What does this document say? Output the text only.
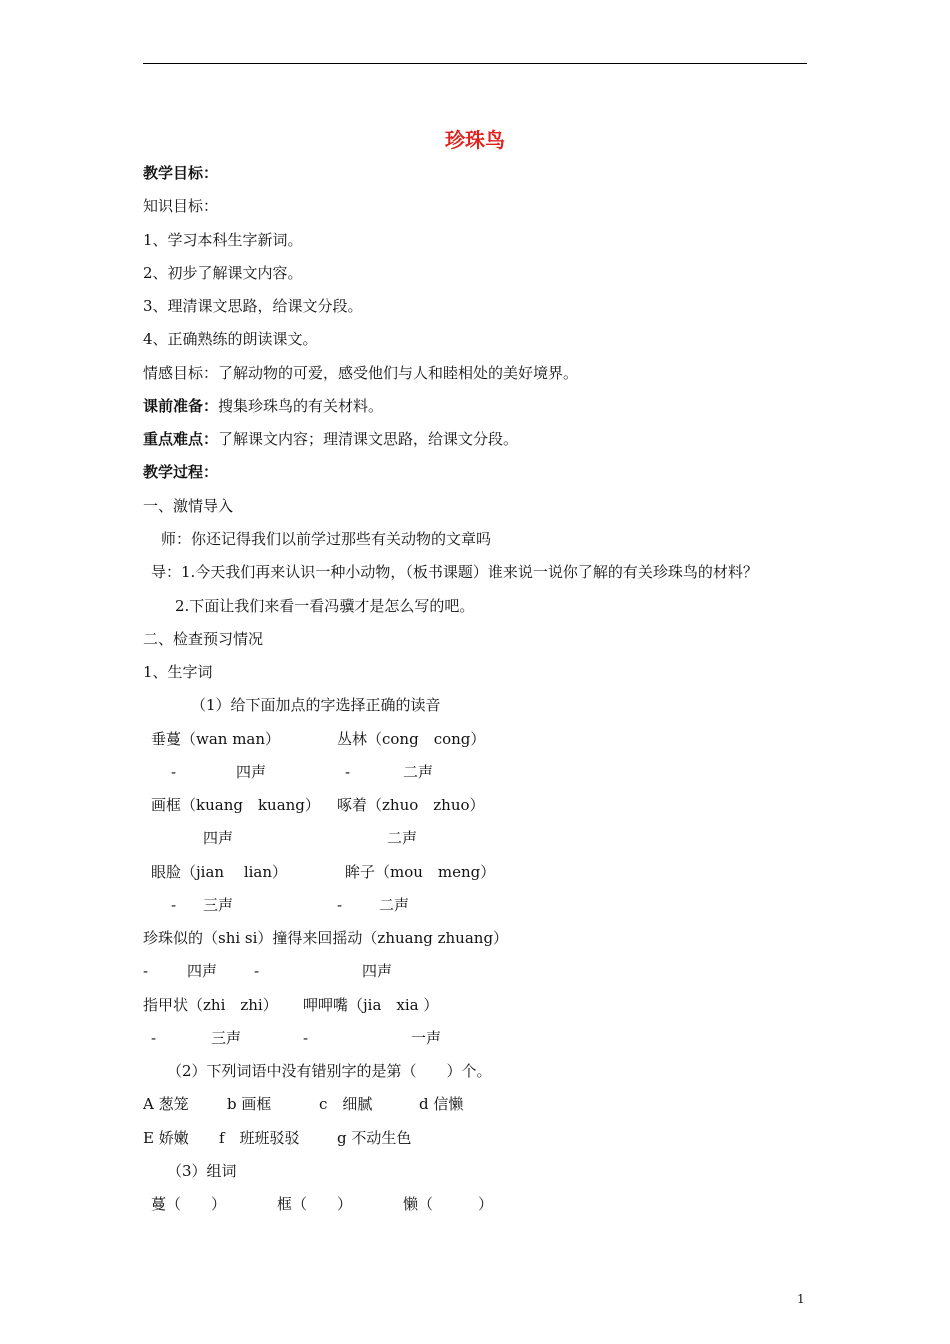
珍珠鸟
教学目标：
知识目标：
1、学习本科生字新词。
2、初步了解课文内容。
3、理清课文思路，给课文分段。
4、正确熟练的朗读课文。
情感目标：了解动物的可爱，感受他们与人和睦相处的美好境界。
课前准备：搜集珍珠鸟的有关材料。
重点难点：了解课文内容；理清课文思路，给课文分段。
教学过程：
一、激情导入
师：你还记得我们以前学过那些有关动物的文章吗
导：1.今天我们再来认识一种小动物，（板书课题）谁来说一说你了解的有关珍珠鸟的材料？
2.下面让我们来看一看冯骥才是怎么写的吧。
二、检查预习情况
1、生字词
（1）给下面加点的字选择正确的读音
垂蔓（wan man）	丛林（cong　cong）
-	四声	-	二声
画框（kuang　kuang） 啄着（zhuo　zhuo）
四声	二声
眼脸（jian　 lian）	眸子（mou　meng）
- 三声	- 二声
珍珠似的（shi si）撞得来回摇动（zhuang zhuang）
-	四声 -	四声
指甲状（zhi　zhi） 呷呷嘴（jia　xia ）
-	三声	-	一声
（2）下列词语中没有错别字的是第（　　）个。
A 葱笼	b 画框	c　细腻	d 信懒
E 娇嫩 f　班班驳驳 g 不动生色
（3）组词
蔓（　　）	框（　　）	懒（　　　）
1
